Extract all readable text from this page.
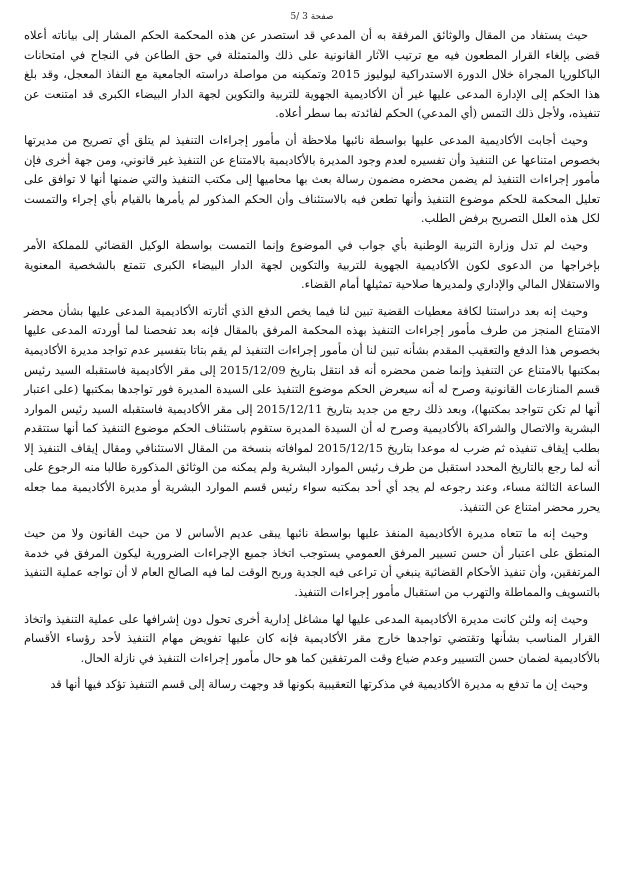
صفحة 3 /5

حيث يستفاد من المقال والوثائق المرفقة به أن المدعي قد استصدر عن هذه المحكمة الحكم المشار إلى بياناته أعلاه قضى بإلغاء القرار المطعون فيه مع ترتيب الآثار القانونية على ذلك والمتمثلة في حق الطاعن في النجاح في امتحانات الباكلوريا المجراة خلال الدورة الاستدراكية ليوليوز 2015 وتمكينه من مواصلة دراسته الجامعية مع النفاذ المعجل، وقد بلغ هذا الحكم إلى الإدارة المدعى عليها غير أن الأكاديمية الجهوية للتربية والتكوين لجهة الدار البيضاء الكبرى قد امتنعت عن تنفيذه، ولأجل ذلك التمس (أي المدعي) الحكم لفائدته بما سطر أعلاه.

وحيث أجابت الأكاديمية المدعى عليها بواسطة نائبها ملاحظة أن مأمور إجراءات التنفيذ لم يتلق أي تصريح من مديرتها بخصوص امتناعها عن التنفيذ وأن تفسيره لعدم وجود المديرة بالأكاديمية بالامتناع عن التنفيذ غير قانوني، ومن جهة أخرى فإن مأمور إجراءات التنفيذ لم يضمن محضره مضمون رسالة بعث بها محاميها إلى مكتب التنفيذ والتي ضمنها أنها لا توافق على تعليل المحكمة للحكم موضوع التنفيذ وأنها تطعن فيه بالاستئناف وأن الحكم المذكور لم يأمرها بالقيام بأي إجراء والتمست لكل هذه العلل التصريح برفض الطلب.

وحيث لم تدل وزارة التربية الوطنية بأي جواب في الموضوع وإنما التمست بواسطة الوكيل القضائي للمملكة الأمر بإخراجها من الدعوى لكون الأكاديمية الجهوية للتربية والتكوين لجهة الدار البيضاء الكبرى تتمتع بالشخصية المعنوية والاستقلال المالي والإداري ولمديرها صلاحية تمثيلها أمام القضاء.

وحيث إنه بعد دراستنا لكافة معطيات القضية تبين لنا فيما يخص الدفع الذي أثارته الأكاديمية المدعى عليها بشأن محضر الامتناع المنجز من طرف مأمور إجراءات التنفيذ بهذه المحكمة المرفق بالمقال فإنه بعد تفحصنا لما أوردته المدعى عليها بخصوص هذا الدفع والتعقيب المقدم بشأنه تبين لنا أن مأمور إجراءات التنفيذ لم يقم بتاتا بتفسير عدم تواجد مديرة الأكاديمية بمكتبها بالامتناع عن التنفيذ وإنما ضمن محضره أنه قد انتقل بتاريخ 2015/12/09 إلى مقر الأكاديمية فاستقبله السيد رئيس قسم المنازعات القانونية وصرح له أنه سيعرض الحكم موضوع التنفيذ على السيدة المديرة فور تواجدها بمكتبها (على اعتبار أنها لم تكن تتواجد بمكتبها)، وبعد ذلك رجع من جديد بتاريخ 2015/12/11 إلى مقر الأكاديمية فاستقبله السيد رئيس الموارد البشرية والاتصال والشراكة بالأكاديمية وصرح له أن السيدة المديرة ستقوم باستئناف الحكم موضوع التنفيذ كما أنها ستتقدم بطلب إيقاف تنفيذه ثم ضرب له موعدا بتاريخ 2015/12/15 لموافاته بنسخة من المقال الاستئنافي ومقال إيقاف التنفيذ إلا أنه لما رجع بالتاريخ المحدد استقبل من طرف رئيس الموارد البشرية ولم يمكنه من الوثائق المذكورة طالبا منه الرجوع على الساعة الثالثة مساء، وعند رجوعه لم يجد أي أحد بمكتبه سواء رئيس قسم الموارد البشرية أو مديرة الأكاديمية مما جعله يحرر محضر امتناع عن التنفيذ.

وحيث إنه ما تتعاه مديرة الأكاديمية المنفذ عليها بواسطة نائبها يبقى عديم الأساس لا من حيث القانون ولا من حيث المنطق على اعتبار أن حسن تسيير المرفق العمومي يستوجب اتخاذ جميع الإجراءات الضرورية ليكون المرفق في خدمة المرتفقين، وأن تنفيذ الأحكام القضائية ينبغي أن تراعى فيه الجدية وربح الوقت لما فيه الصالح العام لا أن تواجه عملية التنفيذ بالتسويف والمماطلة والتهرب من استقبال مأمور إجراءات التنفيذ.

وحيث إنه ولئن كانت مديرة الأكاديمية المدعى عليها لها مشاغل إدارية أخرى تحول دون إشرافها على عملية التنفيذ واتخاذ القرار المناسب بشأنها وتقتضي تواجدها خارج مقر الأكاديمية فإنه كان عليها تفويض مهام التنفيذ لأحد رؤساء الأقسام بالأكاديمية لضمان حسن التسيير وعدم ضياع وقت المرتفقين كما هو حال مأمور إجراءات التنفيذ في نازلة الحال.

وحيث إن ما تدفع به مديرة الأكاديمية في مذكرتها التعقيبية بكونها قد وجهت رسالة إلى قسم التنفيذ تؤكد فيها أنها قد
